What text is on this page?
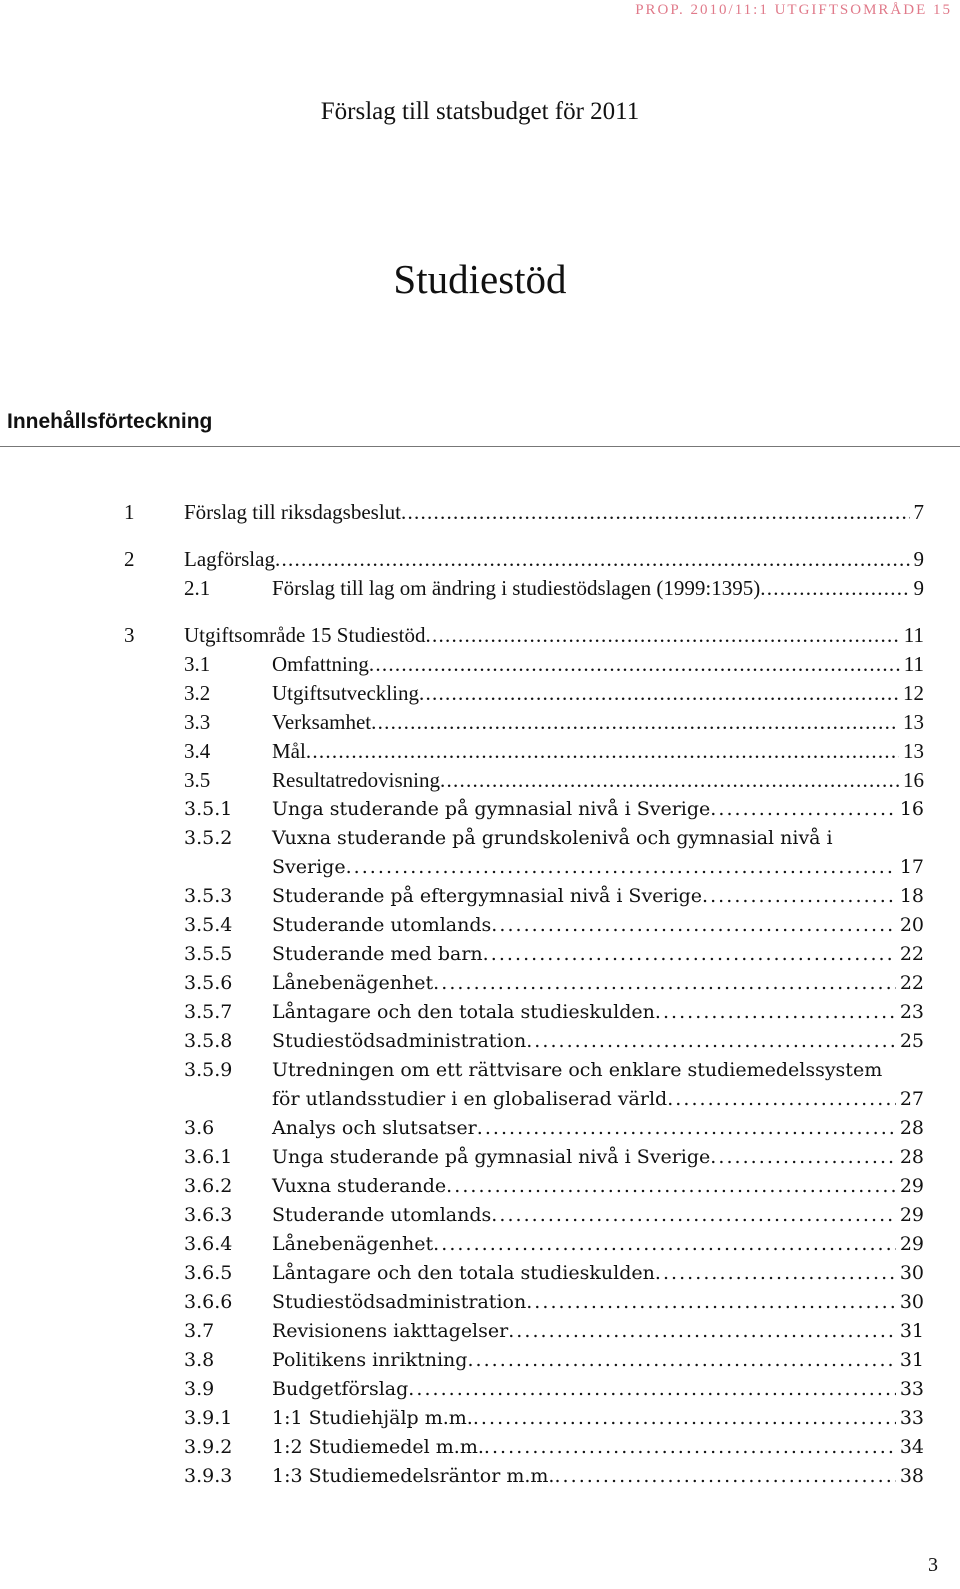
PROP. 2010/11:1 UTGIFTSOMRÅDE 15
Förslag till statsbudget för 2011
Studiestöd
Innehållsförteckning
1 Förslag till riksdagsbeslut . . .	7
2 Lagförslag . . .	9
2.1	Förslag till lag om ändring i studiestödslagen (1999:1395) . . .	9
3 Utgiftsområde 15 Studiestöd . . .	11
3.1	Omfattning . . .	11
3.2	Utgiftsutveckling . . .	12
3.3	Verksamhet . . .	13
3.4	Mål . . .	13
3.5	Resultatredovisning . . .	16
3.5.1 Unga studerande på gymnasial nivå i Sverige . . .	16
3.5.2 Vuxna studerande på grundskolenivå och gymnasial nivå i
Sverige . . .	17
3.5.3 Studerande på eftergymnasial nivå i Sverige . . .	18
3.5.4 Studerande utomlands . . .	20
3.5.5 Studerande med barn . . .	22
3.5.6 Lånebenägenhet . . .	22
3.5.7 Låntagare och den totala studieskulden . . .	23
3.5.8 Studiestödsadministration . . .	25
3.5.9 Utredningen om ett rättvisare och enklare studiemedelssystem
för utlandsstudier i en globaliserad värld . . .	27
3.6	Analys och slutsatser . . .	28
3.6.1 Unga studerande på gymnasial nivå i Sverige . . .	28
3.6.2 Vuxna studerande . . .	29
3.6.3 Studerande utomlands . . .	29
3.6.4 Lånebenägenhet . . .	29
3.6.5 Låntagare och den totala studieskulden . . .	30
3.6.6 Studiestödsadministration . . .	30
3.7	Revisionens iakttagelser . . .	31
3.8	Politikens inriktning . . .	31
3.9	Budgetförslag . . .	33
3.9.1 1:1 Studiehjälp m.m. . . .	33
3.9.2 1:2 Studiemedel m.m. . . .	34
3.9.3 1:3 Studiemedelsräntor m.m. . . .	38
3
